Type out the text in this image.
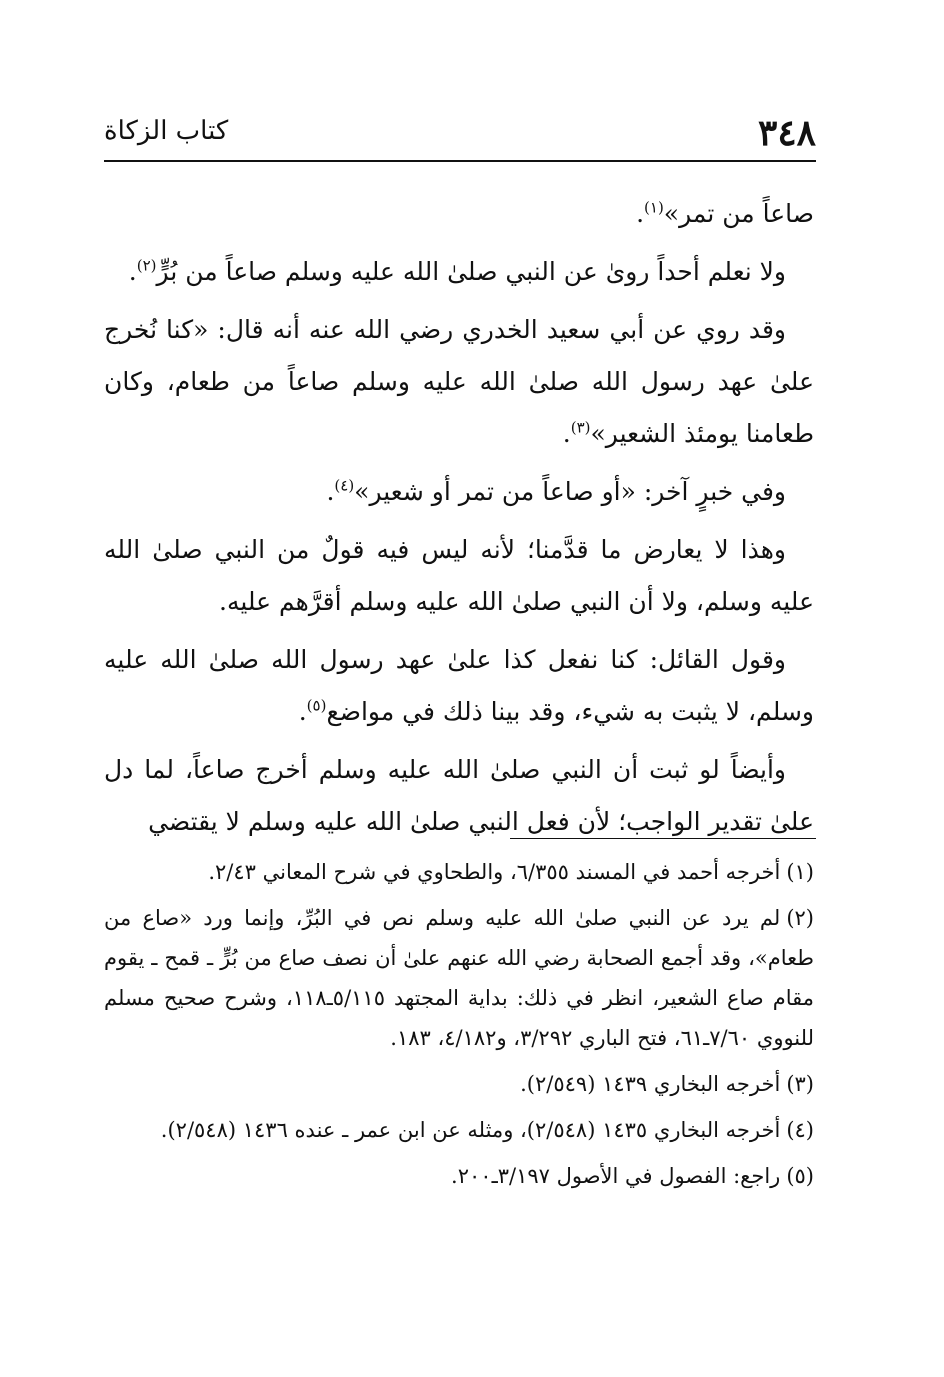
٣٤٨
كتاب الزكاة

صاعاً من تمر»$^{(١)}$.

ولا نعلم أحداً روىٰ عن النبي صلىٰ الله عليه وسلم صاعاً من بُرٍّ$^{(٢)}$.

وقد روي عن أبي سعيد الخدري رضي الله عنه أنه قال: «كنا نُخرج علىٰ عهد رسول الله صلىٰ الله عليه وسلم صاعاً من طعام، وكان طعامنا يومئذ الشعير»$^{(٣)}$.

وفي خبرٍ آخر: «أو صاعاً من تمر أو شعير»$^{(٤)}$.

وهذا لا يعارض ما قدَّمنا؛ لأنه ليس فيه قولٌ من النبي صلىٰ الله عليه وسلم، ولا أن النبي صلىٰ الله عليه وسلم أقرَّهم عليه.

وقول القائل: كنا نفعل كذا علىٰ عهد رسول الله صلىٰ الله عليه وسلم، لا يثبت به شيء، وقد بينا ذلك في مواضع$^{(٥)}$.

وأيضاً لو ثبت أن النبي صلىٰ الله عليه وسلم أخرج صاعاً، لما دل علىٰ تقدير الواجب؛ لأن فعل النبي صلىٰ الله عليه وسلم لا يقتضي

(١)أخرجه أحمد في المسند ٦/٣٥٥، والطحاوي في شرح المعاني ٢/٤٣.

(٢)لم يرد عن النبي صلىٰ الله عليه وسلم نص في البُرِّ، وإنما ورد «صاع من طعام»، وقد أجمع الصحابة رضي الله عنهم علىٰ أن نصف صاع من بُرٍّ ـ قمح ـ يقوم مقام صاع الشعير، انظر في ذلك: بداية المجتهد ٥/١١٥ـ١١٨، وشرح صحيح مسلم للنووي ٧/٦٠ـ٦١، فتح الباري ٣/٢٩٢، و٤/١٨٢، ١٨٣.

(٣)أخرجه البخاري ١٤٣٩ (٢/٥٤٩).

(٤)أخرجه البخاري ١٤٣٥ (٢/٥٤٨)، ومثله عن ابن عمر ـ عنده ١٤٣٦ (٢/٥٤٨).

(٥)راجع: الفصول في الأصول ٣/١٩٧ـ٢٠٠.
